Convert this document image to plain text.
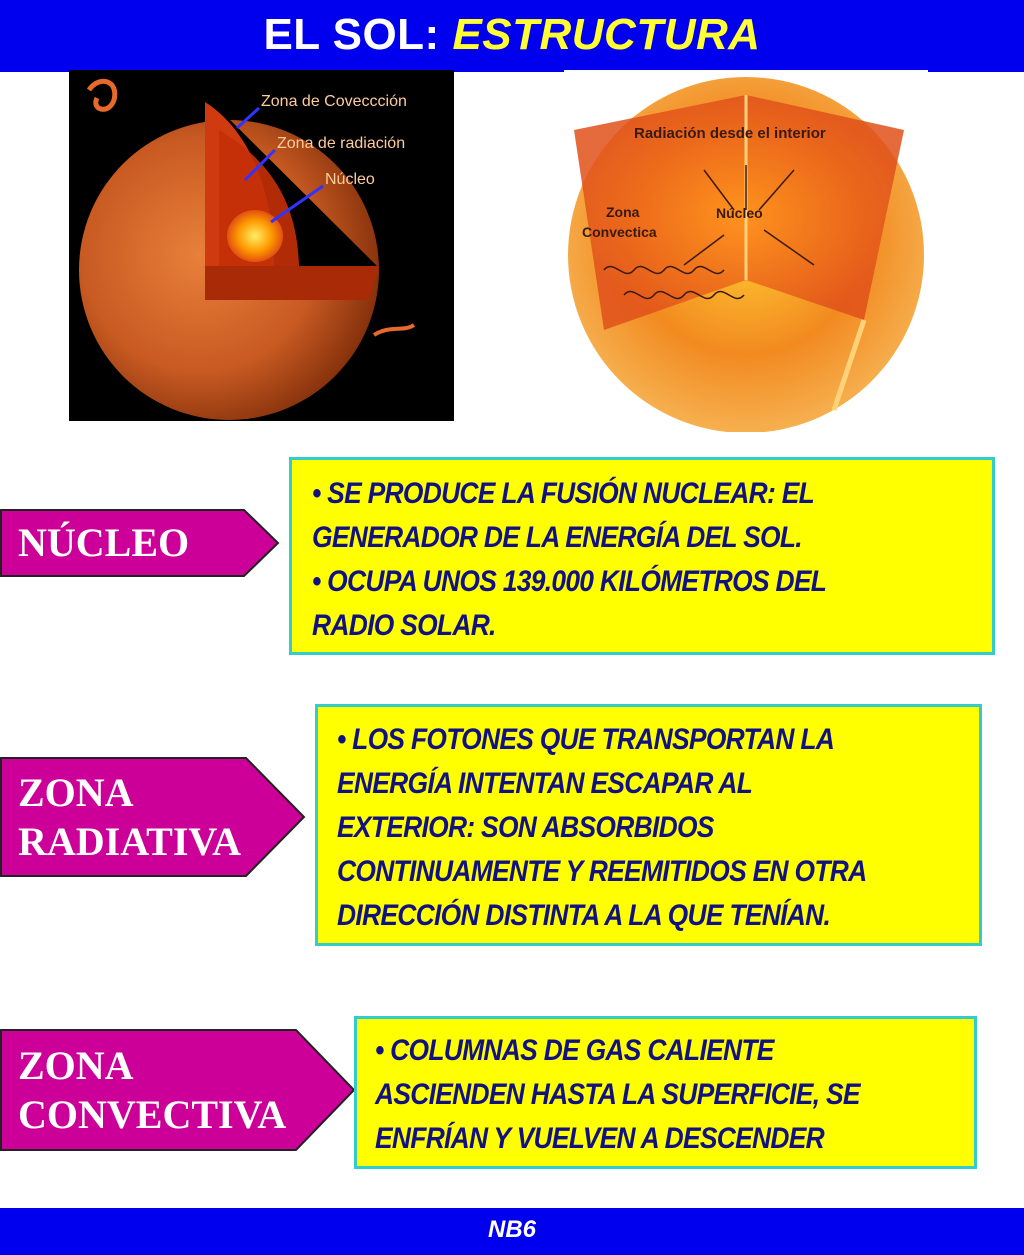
EL SOL: ESTRUCTURA
Zona de Coveccción
Zona de radiación
Núcleo
Radiación desde el interior
Zona
Convectica
Núcleo
NÚCLEO

• SE PRODUCE LA FUSIÓN NUCLEAR: EL

GENERADOR DE LA ENERGÍA DEL SOL.

• OCUPA UNOS 139.000 KILÓMETROS DEL

RADIO SOLAR.

ZONA
RADIATIVA

• LOS FOTONES QUE TRANSPORTAN LA

ENERGÍA INTENTAN ESCAPAR AL

EXTERIOR: SON ABSORBIDOS

CONTINUAMENTE Y REEMITIDOS EN OTRA

DIRECCIÓN DISTINTA A LA QUE TENÍAN.

ZONA
CONVECTIVA

• COLUMNAS DE GAS CALIENTE

ASCIENDEN HASTA LA SUPERFICIE, SE

ENFRÍAN Y VUELVEN A DESCENDER

NB6
